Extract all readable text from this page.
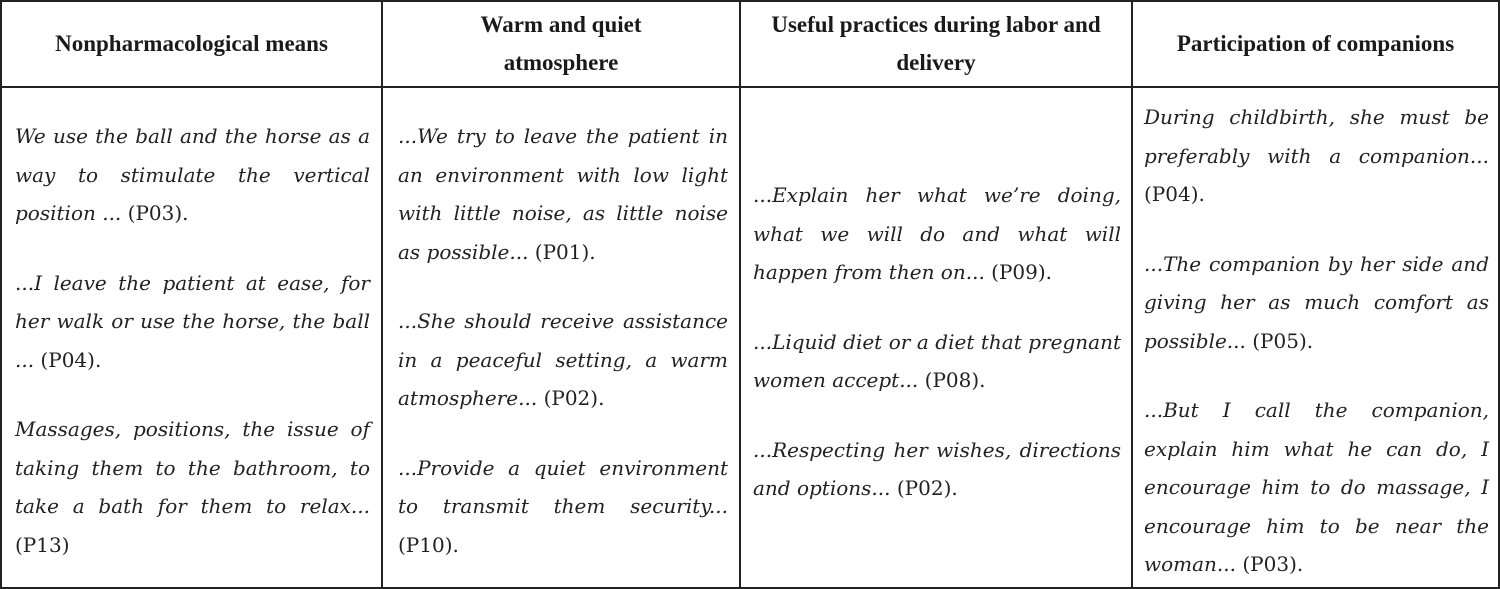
Nonpharmacological means
Warm and quiet atmosphere
Useful practices during labor and delivery
Participation of companions

We use the ball and the horse as a way to stimulate the vertical position ... (P03).

...I leave the patient at ease, for her walk or use the horse, the ball ... (P04).

Massages, positions, the issue of taking them to the bathroom, to take a bath for them to relax... (P13)

...We try to leave the patient in an environment with low light with little noise, as little noise as possible... (P01).

...She should receive assistance in a peaceful setting, a warm atmosphere... (P02).

...Provide a quiet environment to transmit them security... (P10).

...Explain her what we’re doing, what we will do and what will happen from then on... (P09).

...Liquid diet or a diet that pregnant women accept... (P08).

...Respecting her wishes, directions and options... (P02).

During childbirth, she must be preferably with a companion... (P04).

...The companion by her side and giving her as much comfort as possible... (P05).

...But I call the companion, explain him what he can do, I encourage him to do massage, I encourage him to be near the woman... (P03).
